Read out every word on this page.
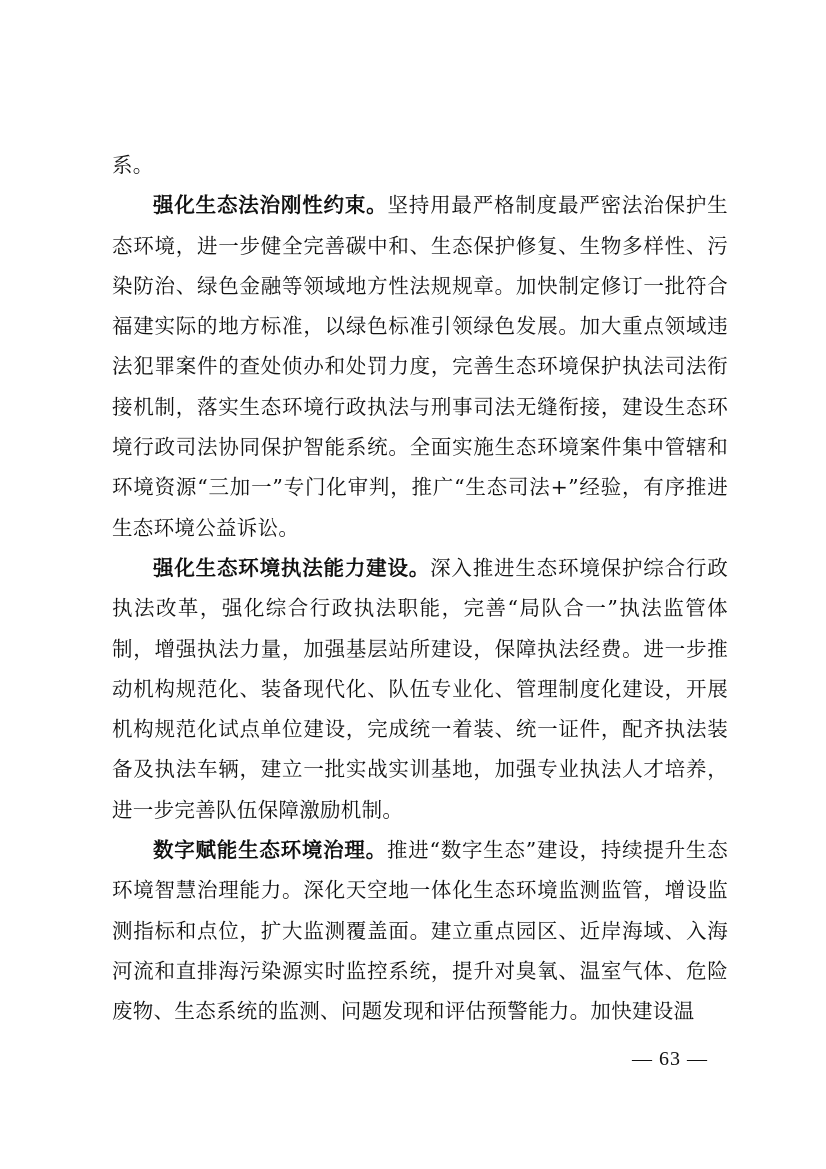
系。

强化生态法治刚性约束。坚持用最严格制度最严密法治保护生态环境，进一步健全完善碳中和、生态保护修复、生物多样性、污染防治、绿色金融等领域地方性法规规章。加快制定修订一批符合福建实际的地方标准，以绿色标准引领绿色发展。加大重点领域违法犯罪案件的查处侦办和处罚力度，完善生态环境保护执法司法衔接机制，落实生态环境行政执法与刑事司法无缝衔接，建设生态环境行政司法协同保护智能系统。全面实施生态环境案件集中管辖和环境资源“三加一”专门化审判，推广“生态司法+”经验，有序推进生态环境公益诉讼。

强化生态环境执法能力建设。深入推进生态环境保护综合行政执法改革，强化综合行政执法职能，完善“局队合一”执法监管体制，增强执法力量，加强基层站所建设，保障执法经费。进一步推动机构规范化、装备现代化、队伍专业化、管理制度化建设，开展机构规范化试点单位建设，完成统一着装、统一证件，配齐执法装备及执法车辆，建立一批实战实训基地，加强专业执法人才培养，进一步完善队伍保障激励机制。

数字赋能生态环境治理。推进“数字生态”建设，持续提升生态环境智慧治理能力。深化天空地一体化生态环境监测监管，增设监测指标和点位，扩大监测覆盖面。建立重点园区、近岸海域、入海河流和直排海污染源实时监控系统，提升对臭氧、温室气体、危险废物、生态系统的监测、问题发现和评估预警能力。加快建设温

— 63 —
